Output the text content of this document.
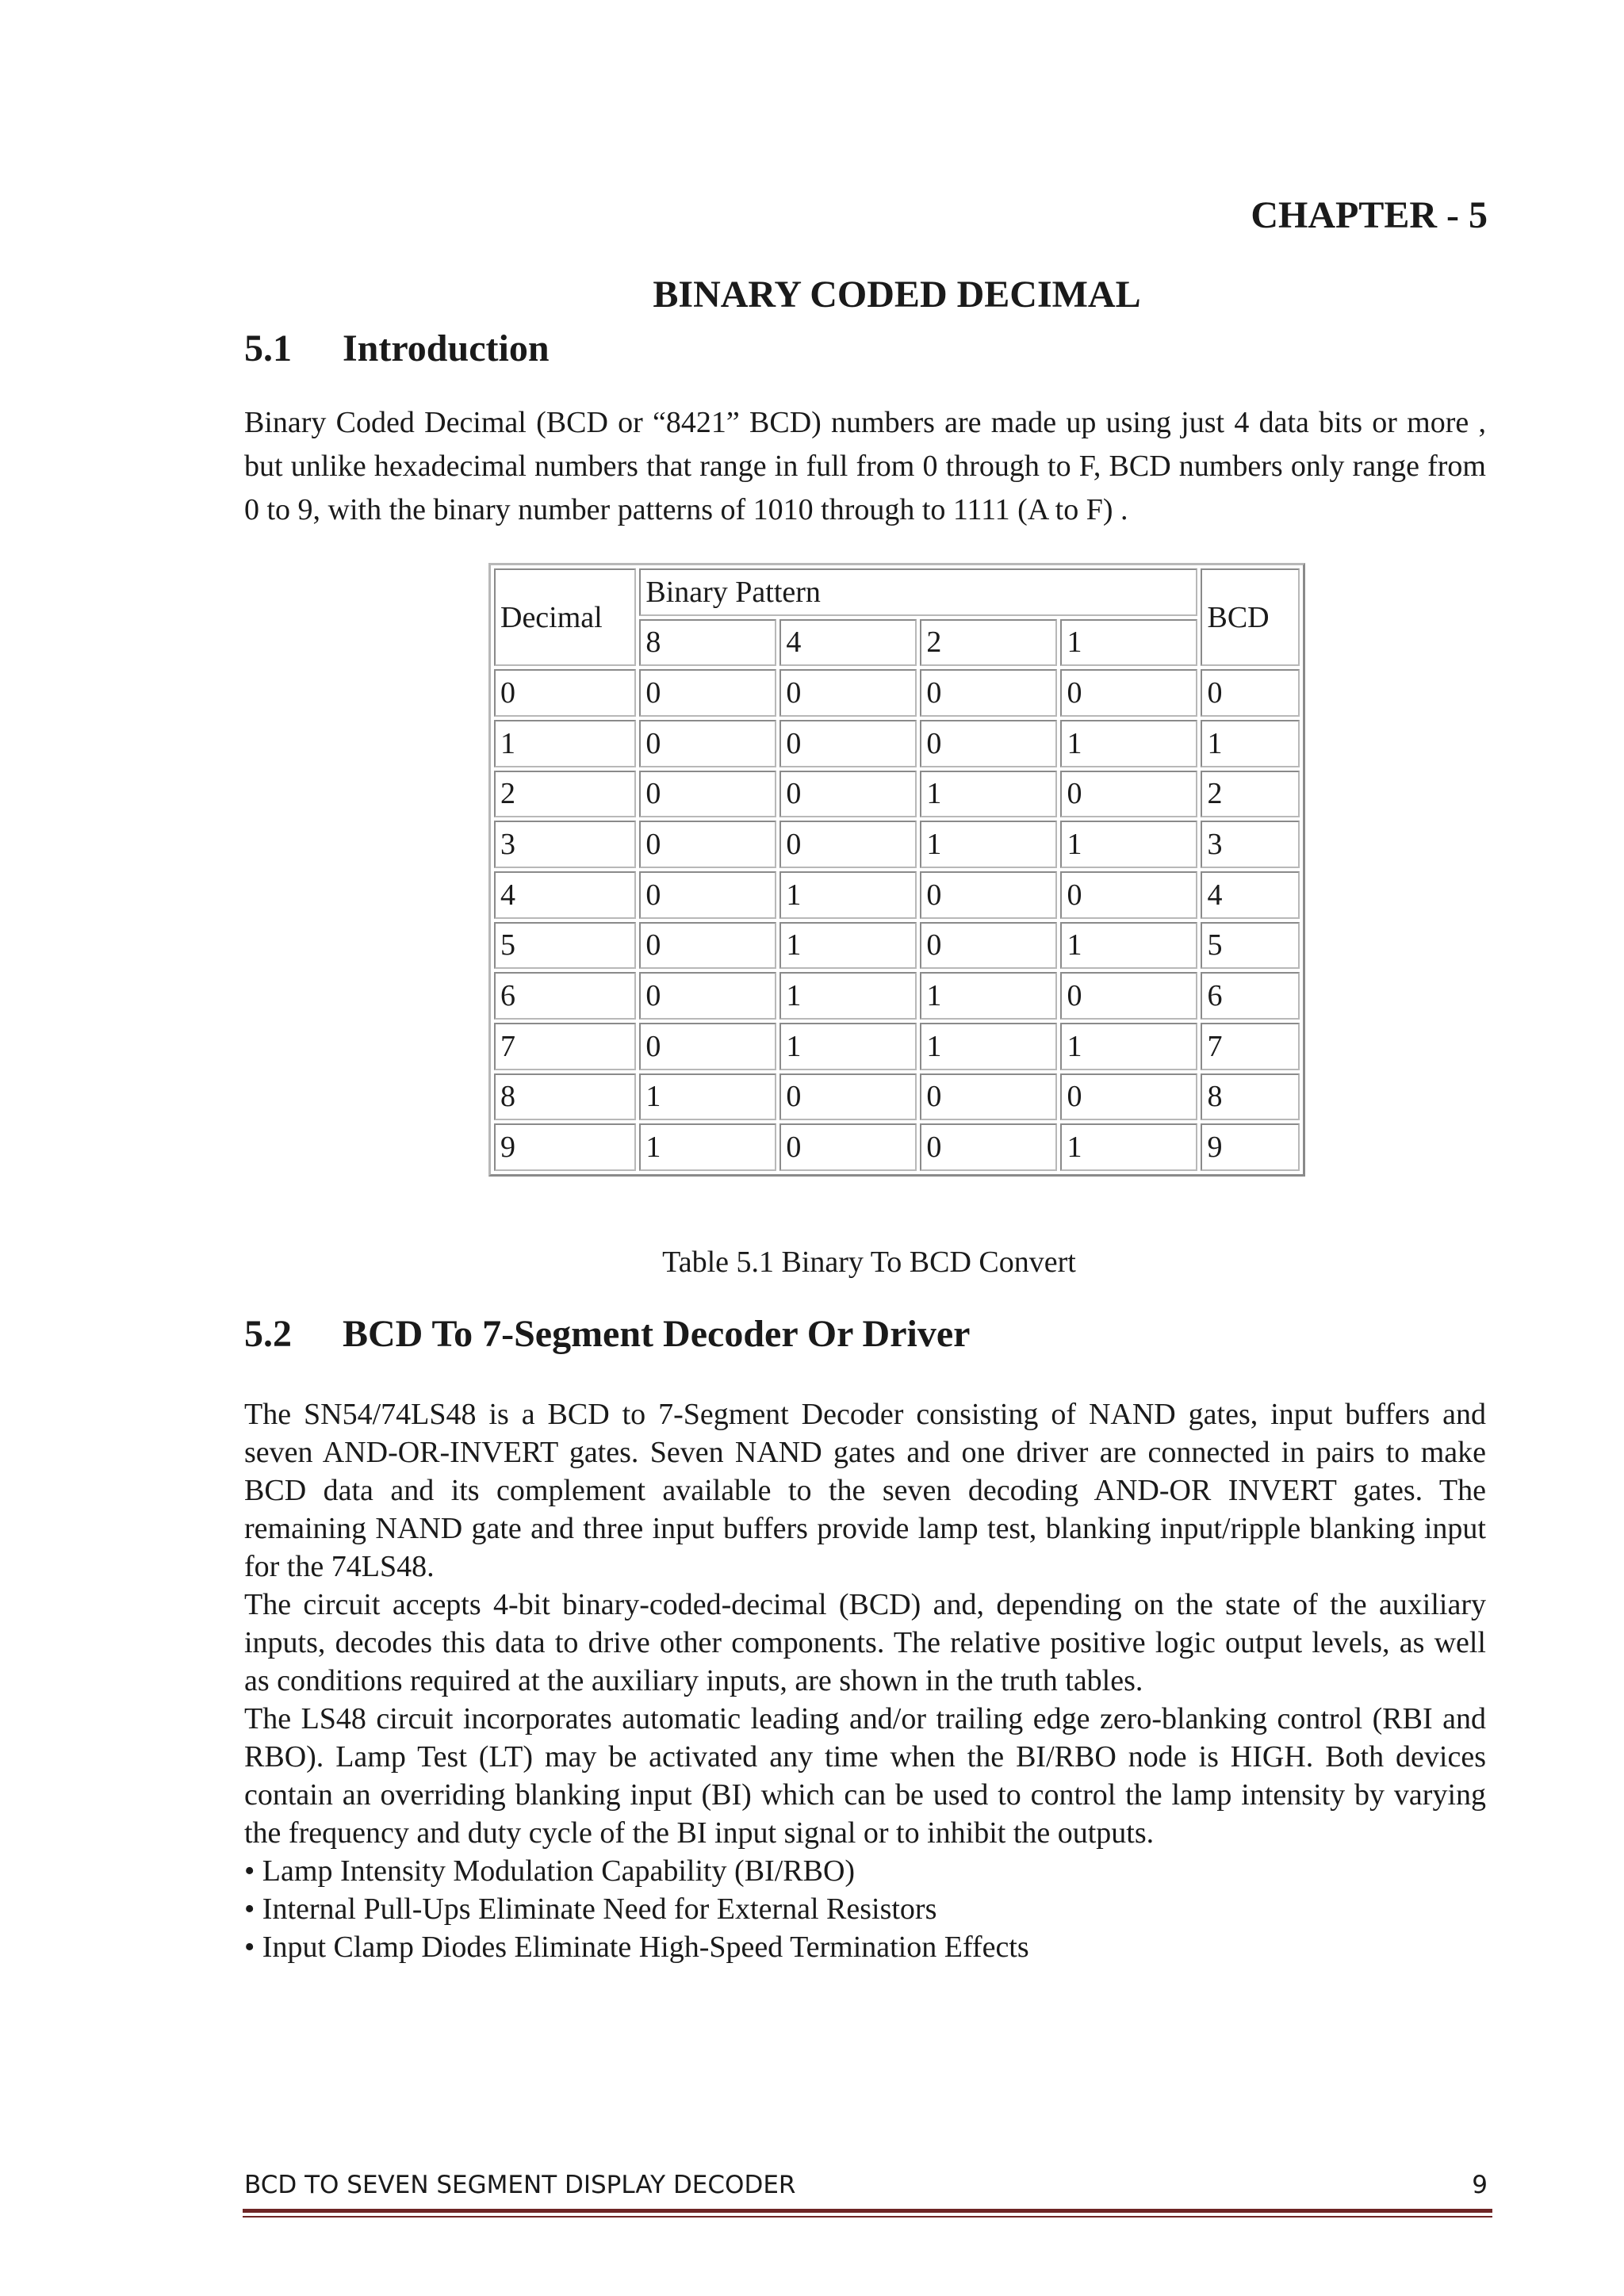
CHAPTER - 5
BINARY CODED DECIMAL
5.1 Introduction
Binary Coded Decimal (BCD or “8421” BCD) numbers are made up using just 4 data bits or more , but unlike hexadecimal numbers that range in full from 0 through to F, BCD numbers only range from 0 to 9, with the binary number patterns of 1010 through to 1111 (A to F) .
Decimal	Binary Pattern				BCD
	8	4	2	1	
0	0	0	0	0	0
1	0	0	0	1	1
2	0	0	1	0	2
3	0	0	1	1	3
4	0	1	0	0	4
5	0	1	0	1	5
6	0	1	1	0	6
7	0	1	1	1	7
8	1	0	0	0	8
9	1	0	0	1	9
Table 5.1 Binary To BCD Convert
5.2 BCD To 7-Segment Decoder Or Driver

The SN54/74LS48 is a BCD to 7-Segment Decoder consisting of NAND gates, input buffers and seven AND-OR-INVERT gates. Seven NAND gates and one driver are connected in pairs to make BCD data and its complement available to the seven decoding AND-OR INVERT gates. The remaining NAND gate and three input buffers provide lamp test, blanking input/ripple blanking input for the 74LS48.

The circuit accepts 4-bit binary-coded-decimal (BCD) and, depending on the state of the auxiliary inputs, decodes this data to drive other components. The relative positive logic output levels, as well as conditions required at the auxiliary inputs, are shown in the truth tables.

The LS48 circuit incorporates automatic leading and/or trailing edge zero-blanking control (RBI and RBO). Lamp Test (LT) may be activated any time when the BI/RBO node is HIGH. Both devices contain an overriding blanking input (BI) which can be used to control the lamp intensity by varying the frequency and duty cycle of the BI input signal or to inhibit the outputs.

• Lamp Intensity Modulation Capability (BI/RBO)
• Internal Pull-Ups Eliminate Need for External Resistors
• Input Clamp Diodes Eliminate High-Speed Termination Effects
BCD TO SEVEN SEGMENT DISPLAY DECODER	9
